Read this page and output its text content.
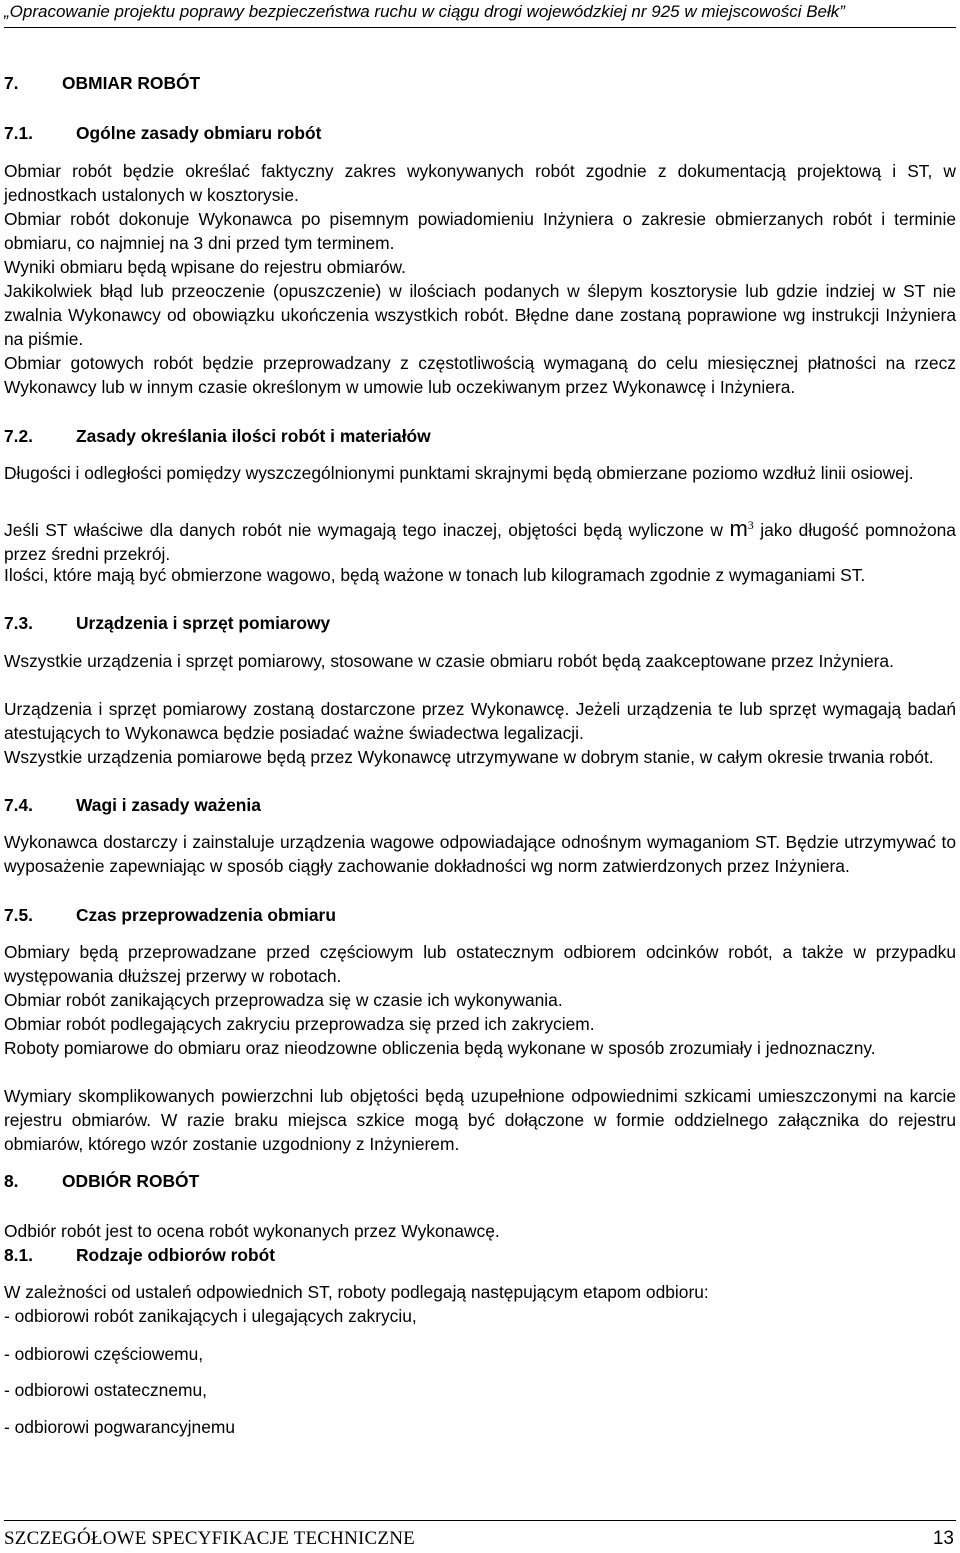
„Opracowanie projektu poprawy bezpieczeństwa ruchu w ciągu drogi wojewódzkiej nr 925 w miejscowości Bełk”

7. OBMIAR ROBÓT

7.1. Ogólne zasady obmiaru robót

Obmiar robót będzie określać faktyczny zakres wykonywanych robót zgodnie z dokumentacją projektową i ST, w jednostkach ustalonych w kosztorysie.

Obmiar robót dokonuje Wykonawca po pisemnym powiadomieniu Inżyniera o zakresie obmierzanych robót i terminie obmiaru, co najmniej na 3 dni przed tym terminem.

Wyniki obmiaru będą wpisane do rejestru obmiarów.

Jakikolwiek błąd lub przeoczenie (opuszczenie) w ilościach podanych w ślepym kosztorysie lub gdzie indziej w ST nie zwalnia Wykonawcy od obowiązku ukończenia wszystkich robót. Błędne dane zostaną poprawione wg instrukcji Inżyniera na piśmie.

Obmiar gotowych robót będzie przeprowadzany z częstotliwością wymaganą do celu miesięcznej płatności na rzecz Wykonawcy lub w innym czasie określonym w umowie lub oczekiwanym przez Wykonawcę i Inżyniera.

7.2. Zasady określania ilości robót i materiałów

Długości i odległości pomiędzy wyszczególnionymi punktami skrajnymi będą obmierzane poziomo wzdłuż linii osiowej.

Jeśli ST właściwe dla danych robót nie wymagają tego inaczej, objętości będą wyliczone w $m^3$ jako długość pomnożona przez średni przekrój.

Ilości, które mają być obmierzone wagowo, będą ważone w tonach lub kilogramach zgodnie z wymaganiami ST.

7.3. Urządzenia i sprzęt pomiarowy

Wszystkie urządzenia i sprzęt pomiarowy, stosowane w czasie obmiaru robót będą zaakceptowane przez Inżyniera.

Urządzenia i sprzęt pomiarowy zostaną dostarczone przez Wykonawcę. Jeżeli urządzenia te lub sprzęt wymagają badań atestujących to Wykonawca będzie posiadać ważne świadectwa legalizacji.

Wszystkie urządzenia pomiarowe będą przez Wykonawcę utrzymywane w dobrym stanie, w całym okresie trwania robót.

7.4. Wagi i zasady ważenia

Wykonawca dostarczy i zainstaluje urządzenia wagowe odpowiadające odnośnym wymaganiom ST. Będzie utrzymywać to wyposażenie zapewniając w sposób ciągły zachowanie dokładności wg norm zatwierdzonych przez Inżyniera.

7.5. Czas przeprowadzenia obmiaru

Obmiary będą przeprowadzane przed częściowym lub ostatecznym odbiorem odcinków robót, a także w przypadku występowania dłuższej przerwy w robotach.

Obmiar robót zanikających przeprowadza się w czasie ich wykonywania.

Obmiar robót podlegających zakryciu przeprowadza się przed ich zakryciem.

Roboty pomiarowe do obmiaru oraz nieodzowne obliczenia będą wykonane w sposób zrozumiały i jednoznaczny.

Wymiary skomplikowanych powierzchni lub objętości będą uzupełnione odpowiednimi szkicami umieszczonymi na karcie rejestru obmiarów. W razie braku miejsca szkice mogą być dołączone w formie oddzielnego załącznika do rejestru obmiarów, którego wzór zostanie uzgodniony z Inżynierem.

8. ODBIÓR ROBÓT

Odbiór robót jest to ocena robót wykonanych przez Wykonawcę.

8.1. Rodzaje odbiorów robót

W zależności od ustaleń odpowiednich ST, roboty podlegają następującym etapom odbioru:

- odbiorowi robót zanikających i ulegających zakryciu,

- odbiorowi częściowemu,

- odbiorowi ostatecznemu,

- odbiorowi pogwarancyjnemu

SZCZEGÓŁOWE SPECYFIKACJE TECHNICZNE	13
